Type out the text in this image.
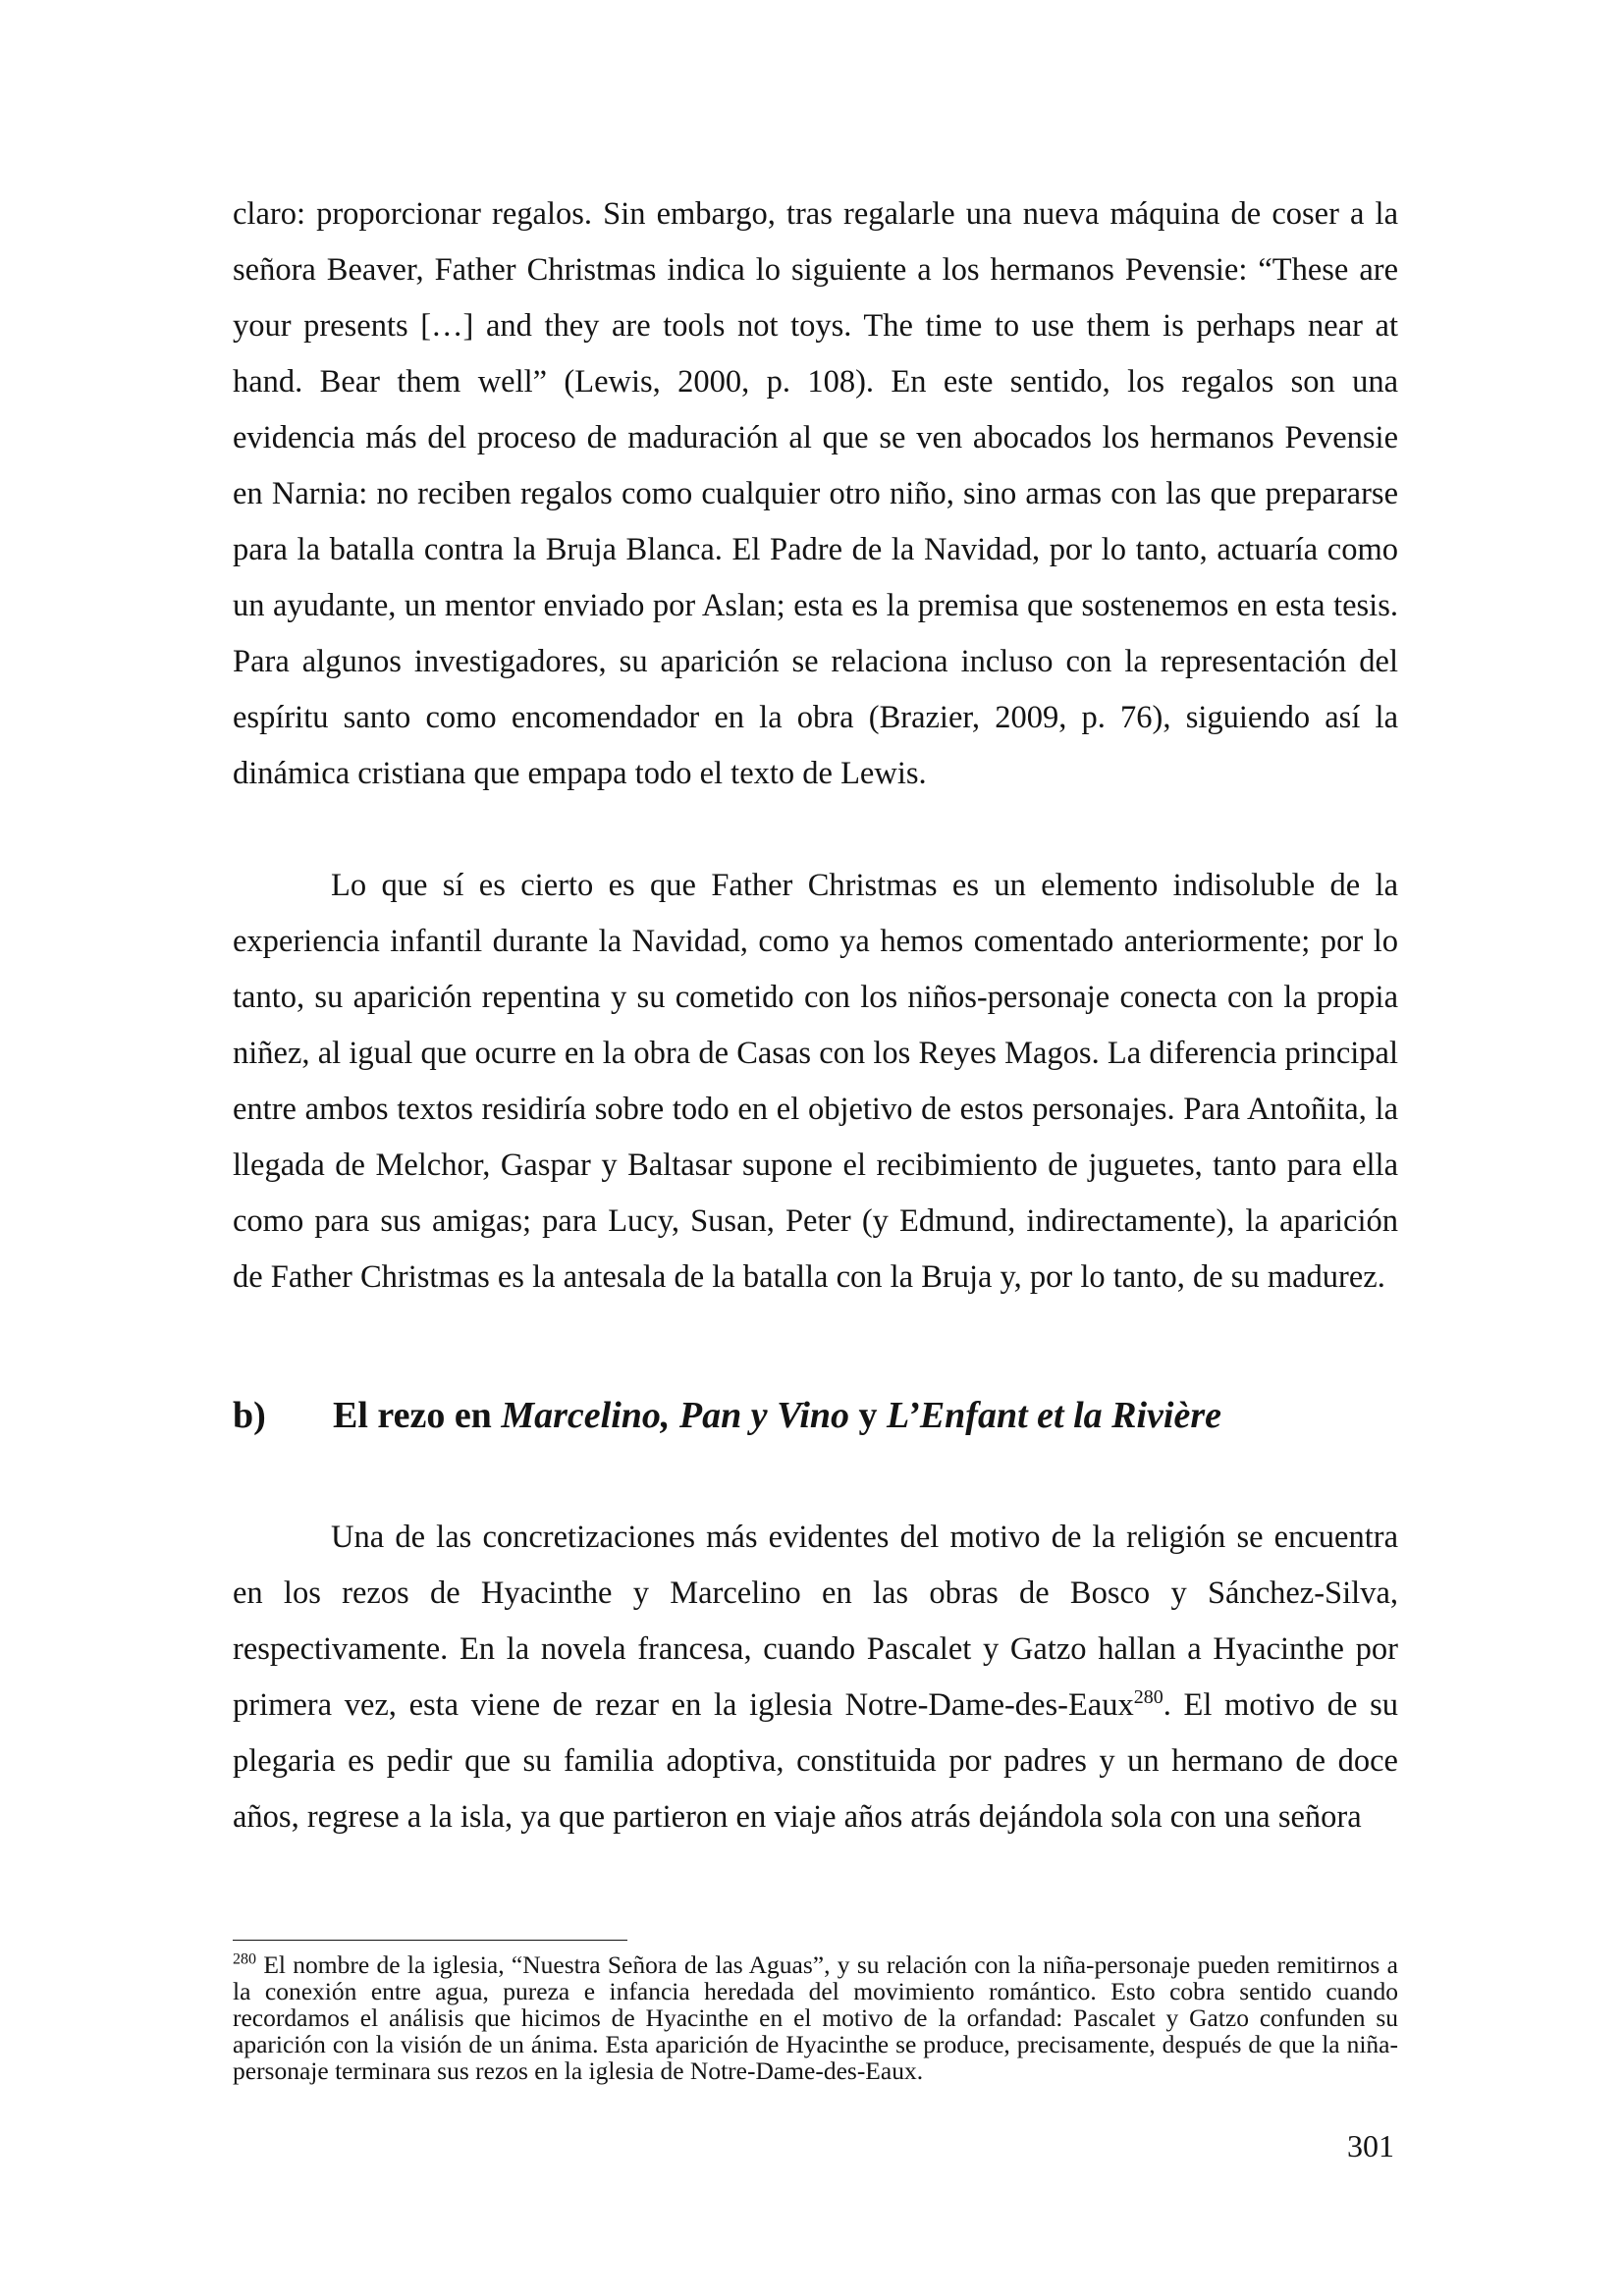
claro: proporcionar regalos. Sin embargo, tras regalarle una nueva máquina de coser a la señora Beaver, Father Christmas indica lo siguiente a los hermanos Pevensie: “These are your presents […] and they are tools not toys. The time to use them is perhaps near at hand. Bear them well” (Lewis, 2000, p. 108). En este sentido, los regalos son una evidencia más del proceso de maduración al que se ven abocados los hermanos Pevensie en Narnia: no reciben regalos como cualquier otro niño, sino armas con las que prepararse para la batalla contra la Bruja Blanca. El Padre de la Navidad, por lo tanto, actuaría como un ayudante, un mentor enviado por Aslan; esta es la premisa que sostenemos en esta tesis. Para algunos investigadores, su aparición se relaciona incluso con la representación del espíritu santo como encomendador en la obra (Brazier, 2009, p. 76), siguiendo así la dinámica cristiana que empapa todo el texto de Lewis.

Lo que sí es cierto es que Father Christmas es un elemento indisoluble de la experiencia infantil durante la Navidad, como ya hemos comentado anteriormente; por lo tanto, su aparición repentina y su cometido con los niños-personaje conecta con la propia niñez, al igual que ocurre en la obra de Casas con los Reyes Magos. La diferencia principal entre ambos textos residiría sobre todo en el objetivo de estos personajes. Para Antoñita, la llegada de Melchor, Gaspar y Baltasar supone el recibimiento de juguetes, tanto para ella como para sus amigas; para Lucy, Susan, Peter (y Edmund, indirectamente), la aparición de Father Christmas es la antesala de la batalla con la Bruja y, por lo tanto, de su madurez.

b) El rezo en Marcelino, Pan y Vino y L’Enfant et la Rivière

Una de las concretizaciones más evidentes del motivo de la religión se encuentra en los rezos de Hyacinthe y Marcelino en las obras de Bosco y Sánchez-Silva, respectivamente. En la novela francesa, cuando Pascalet y Gatzo hallan a Hyacinthe por primera vez, esta viene de rezar en la iglesia Notre-Dame-des-Eaux$^{280}$. El motivo de su plegaria es pedir que su familia adoptiva, constituida por padres y un hermano de doce años, regrese a la isla, ya que partieron en viaje años atrás dejándola sola con una señora

$^{280}$ El nombre de la iglesia, “Nuestra Señora de las Aguas”, y su relación con la niña-personaje pueden remitirnos a la conexión entre agua, pureza e infancia heredada del movimiento romántico. Esto cobra sentido cuando recordamos el análisis que hicimos de Hyacinthe en el motivo de la orfandad: Pascalet y Gatzo confunden su aparición con la visión de un ánima. Esta aparición de Hyacinthe se produce, precisamente, después de que la niña-personaje terminara sus rezos en la iglesia de Notre-Dame-des-Eaux.

301
